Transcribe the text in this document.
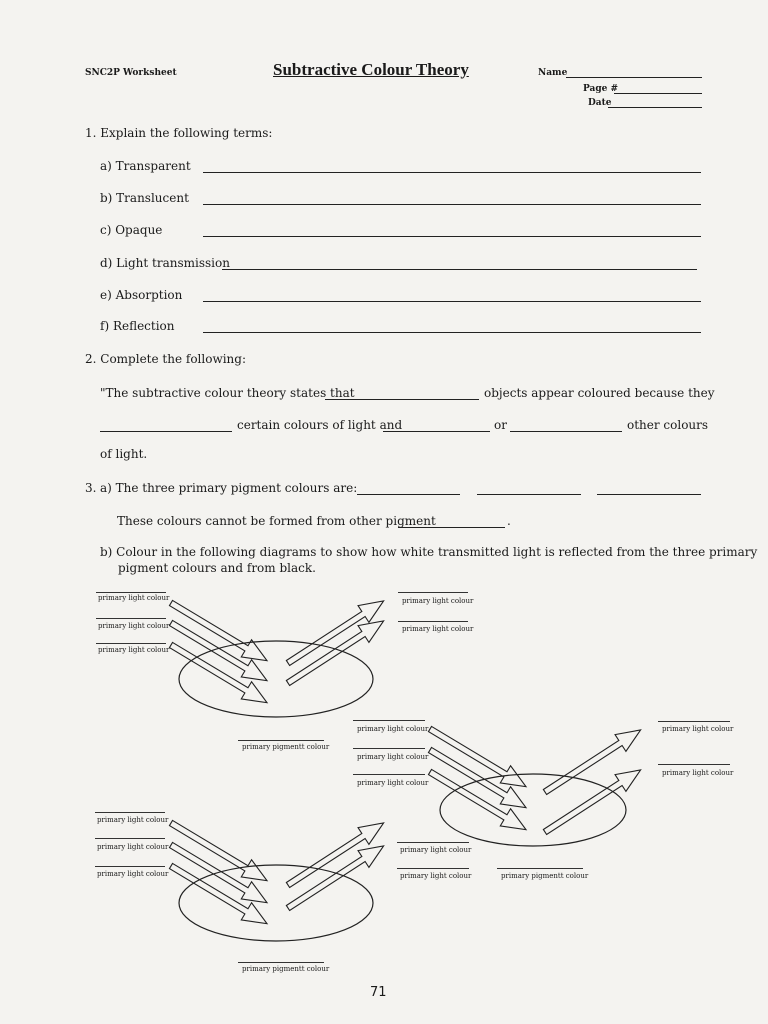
SNC2P Worksheet	Subtractive Colour Theory	Name
Page #
Date
1. Explain the following terms:
a) Transparent
b) Translucent
c) Opaque
d) Light transmission
e) Absorption
f) Reflection
2. Complete the following:
"The subtractive colour theory states that	objects appear coloured because they
certain colours of light and	or	other colours
of light.
3. a) The three primary pigment colours are:
These colours cannot be formed from other pigment	.
b) Colour in the following diagrams to show how white transmitted light is reflected from the three primary
pigment colours and from black.
primary light colour
primary light colour
primary light colour
primary light colour
primary light colour
primary pigmentt colour
primary light colour
primary light colour
primary light colour
primary light colour
primary light colour
primary light colour
primary light colour
primary light colour
primary light colour
primary light colour	primary pigmentt colour
primary pigmentt colour
71
